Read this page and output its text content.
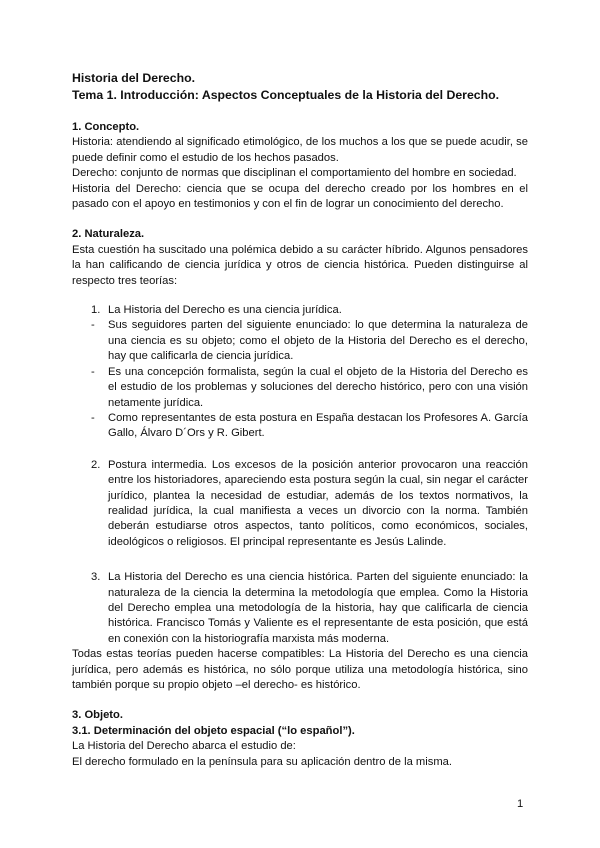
Historia del Derecho.
Tema 1. Introducción: Aspectos Conceptuales de la Historia del Derecho.
1. Concepto.

Historia: atendiendo al significado etimológico, de los muchos a los que se puede acudir, se puede definir como el estudio de los hechos pasados.

Derecho: conjunto de normas que disciplinan el comportamiento del hombre en sociedad.

Historia del Derecho: ciencia que se ocupa del derecho creado por los hombres en el pasado con el apoyo en testimonios y con el fin de lograr un conocimiento del derecho.

2. Naturaleza.

Esta cuestión ha suscitado una polémica debido a su carácter híbrido. Algunos pensadores la han calificando de ciencia jurídica y otros de ciencia histórica. Pueden distinguirse al respecto tres teorías:

1. La Historia del Derecho es una ciencia jurídica.

- Sus seguidores parten del siguiente enunciado: lo que determina la naturaleza de una ciencia es su objeto; como el objeto de la Historia del Derecho es el derecho, hay que calificarla de ciencia jurídica.

- Es una concepción formalista, según la cual el objeto de la Historia del Derecho es el estudio de los problemas y soluciones del derecho histórico, pero con una visión netamente jurídica.

- Como representantes de esta postura en España destacan los Profesores A. García Gallo, Álvaro D´Ors y R. Gibert.

2. Postura intermedia. Los excesos de la posición anterior provocaron una reacción entre los historiadores, apareciendo esta postura según la cual, sin negar el carácter jurídico, plantea la necesidad de estudiar, además de los textos normativos, la realidad jurídica, la cual manifiesta a veces un divorcio con la norma. También deberán estudiarse otros aspectos, tanto políticos, como económicos, sociales, ideológicos o religiosos. El principal representante es Jesús Lalinde.

3. La Historia del Derecho es una ciencia histórica. Parten del siguiente enunciado: la naturaleza de la ciencia la determina la metodología que emplea. Como la Historia del Derecho emplea una metodología de la historia, hay que calificarla de ciencia histórica. Francisco Tomás y Valiente es el representante de esta posición, que está en conexión con la historiografía marxista más moderna.

Todas estas teorías pueden hacerse compatibles: La Historia del Derecho es una ciencia jurídica, pero además es histórica, no sólo porque utiliza una metodología histórica, sino también porque su propio objeto –el derecho- es histórico.

3. Objeto.
3.1. Determinación del objeto espacial (“lo español”).

La Historia del Derecho abarca el estudio de:

El derecho formulado en la península para su aplicación dentro de la misma.

1
